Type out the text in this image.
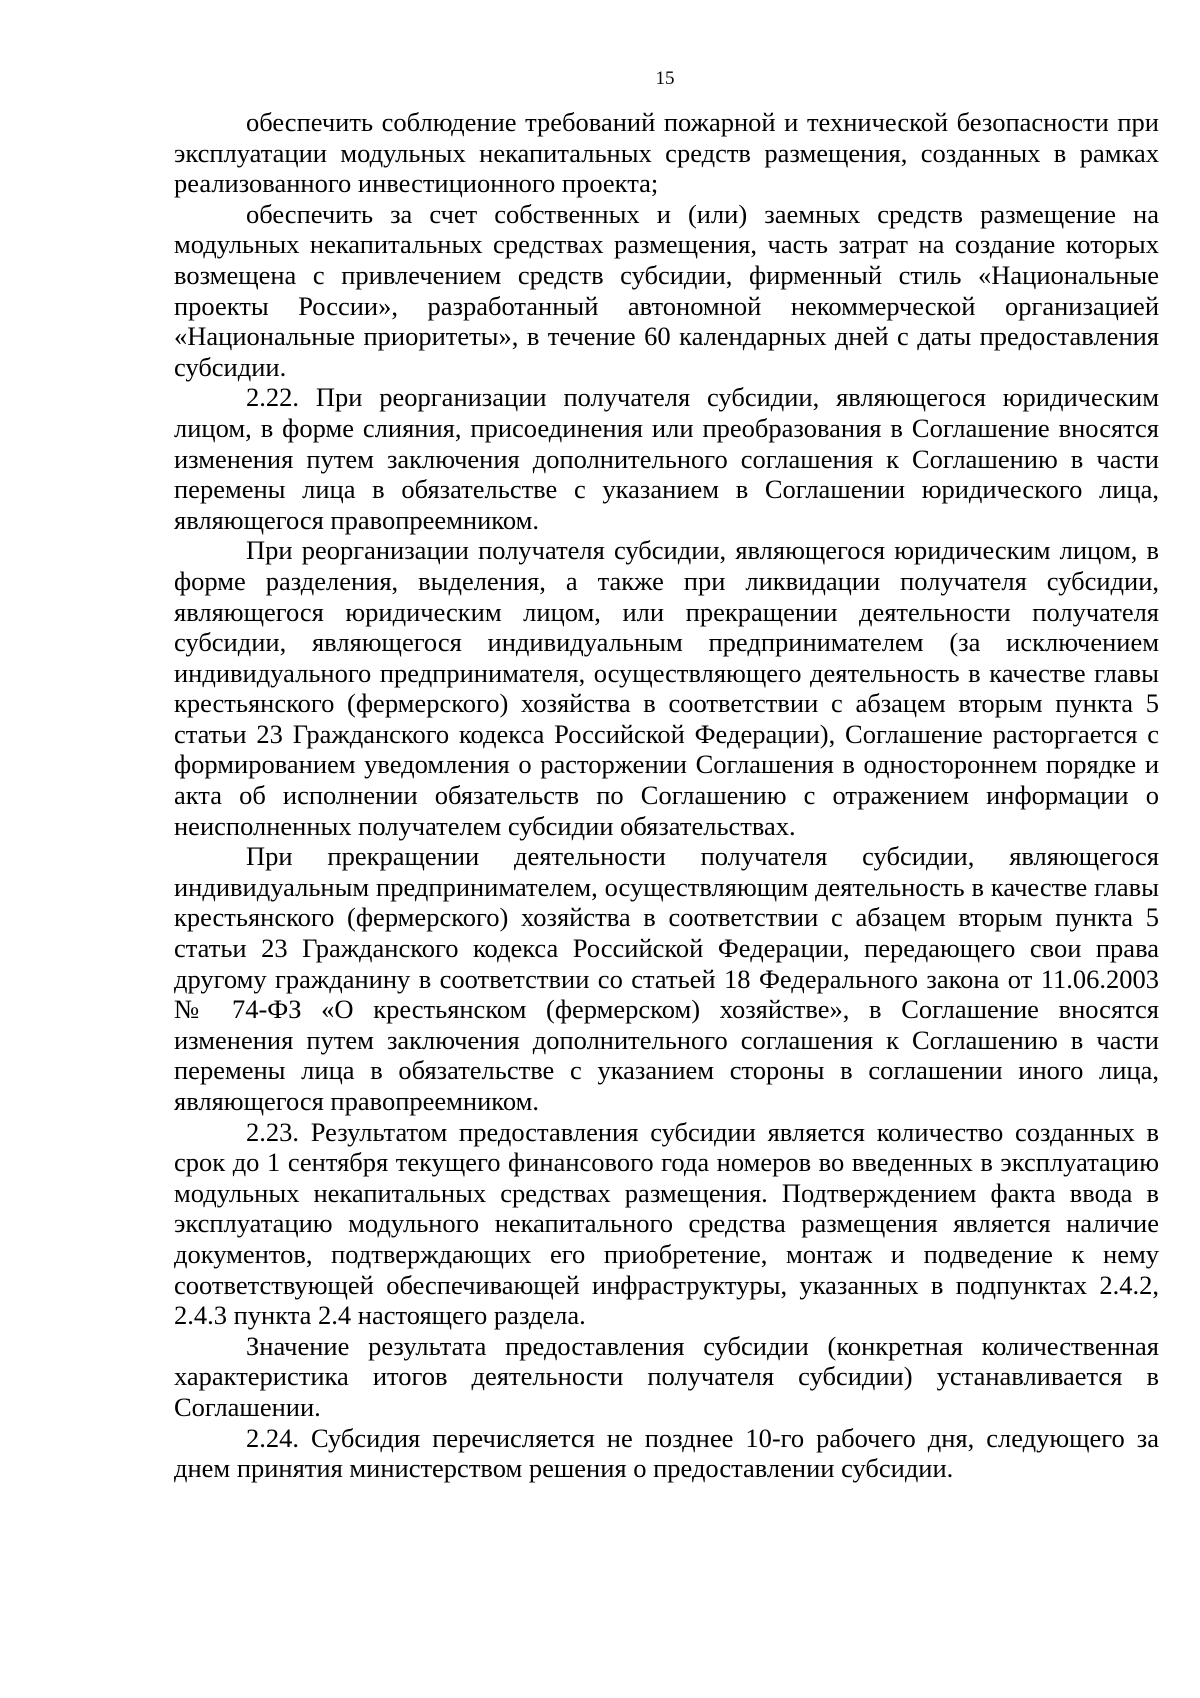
15

обеспечить соблюдение требований пожарной и технической безопасности при эксплуатации модульных некапитальных средств размещения, созданных в рамках реализованного инвестиционного проекта;

обеспечить за счет собственных и (или) заемных средств размещение на модульных некапитальных средствах размещения, часть затрат на создание которых возмещена с привлечением средств субсидии, фирменный стиль «Национальные проекты России», разработанный автономной некоммерческой организацией «Национальные приоритеты», в течение 60 календарных дней с даты предоставления субсидии.

2.22. При реорганизации получателя субсидии, являющегося юридическим лицом, в форме слияния, присоединения или преобразования в Соглашение вносятся изменения путем заключения дополнительного соглашения к Соглашению в части перемены лица в обязательстве с указанием в Соглашении юридического лица, являющегося правопреемником.

При реорганизации получателя субсидии, являющегося юридическим лицом, в форме разделения, выделения, а также при ликвидации получателя субсидии, являющегося юридическим лицом, или прекращении деятельности получателя субсидии, являющегося индивидуальным предпринимателем (за исключением индивидуального предпринимателя, осуществляющего деятельность в качестве главы крестьянского (фермерского) хозяйства в соответствии с абзацем вторым пункта 5 статьи 23 Гражданского кодекса Российской Федерации), Соглашение расторгается с формированием уведомления о расторжении Соглашения в одностороннем порядке и акта об исполнении обязательств по Соглашению с отражением информации о неисполненных получателем субсидии обязательствах.

При прекращении деятельности получателя субсидии, являющегося индивидуальным предпринимателем, осуществляющим деятельность в качестве главы крестьянского (фермерского) хозяйства в соответствии с абзацем вторым пункта 5 статьи 23 Гражданского кодекса Российской Федерации, передающего свои права другому гражданину в соответствии со статьей 18 Федерального закона от 11.06.2003 № 74-ФЗ «О крестьянском (фермерском) хозяйстве», в Соглашение вносятся изменения путем заключения дополнительного соглашения к Соглашению в части перемены лица в обязательстве с указанием стороны в соглашении иного лица, являющегося правопреемником.

2.23. Результатом предоставления субсидии является количество созданных в срок до 1 сентября текущего финансового года номеров во введенных в эксплуатацию модульных некапитальных средствах размещения. Подтверждением факта ввода в эксплуатацию модульного некапитального средства размещения является наличие документов, подтверждающих его приобретение, монтаж и подведение к нему соответствующей обеспечивающей инфраструктуры, указанных в подпунктах 2.4.2, 2.4.3 пункта 2.4 настоящего раздела.

Значение результата предоставления субсидии (конкретная количественная характеристика итогов деятельности получателя субсидии) устанавливается в Соглашении.

2.24. Субсидия перечисляется не позднее 10-го рабочего дня, следующего за днем принятия министерством решения о предоставлении субсидии.
